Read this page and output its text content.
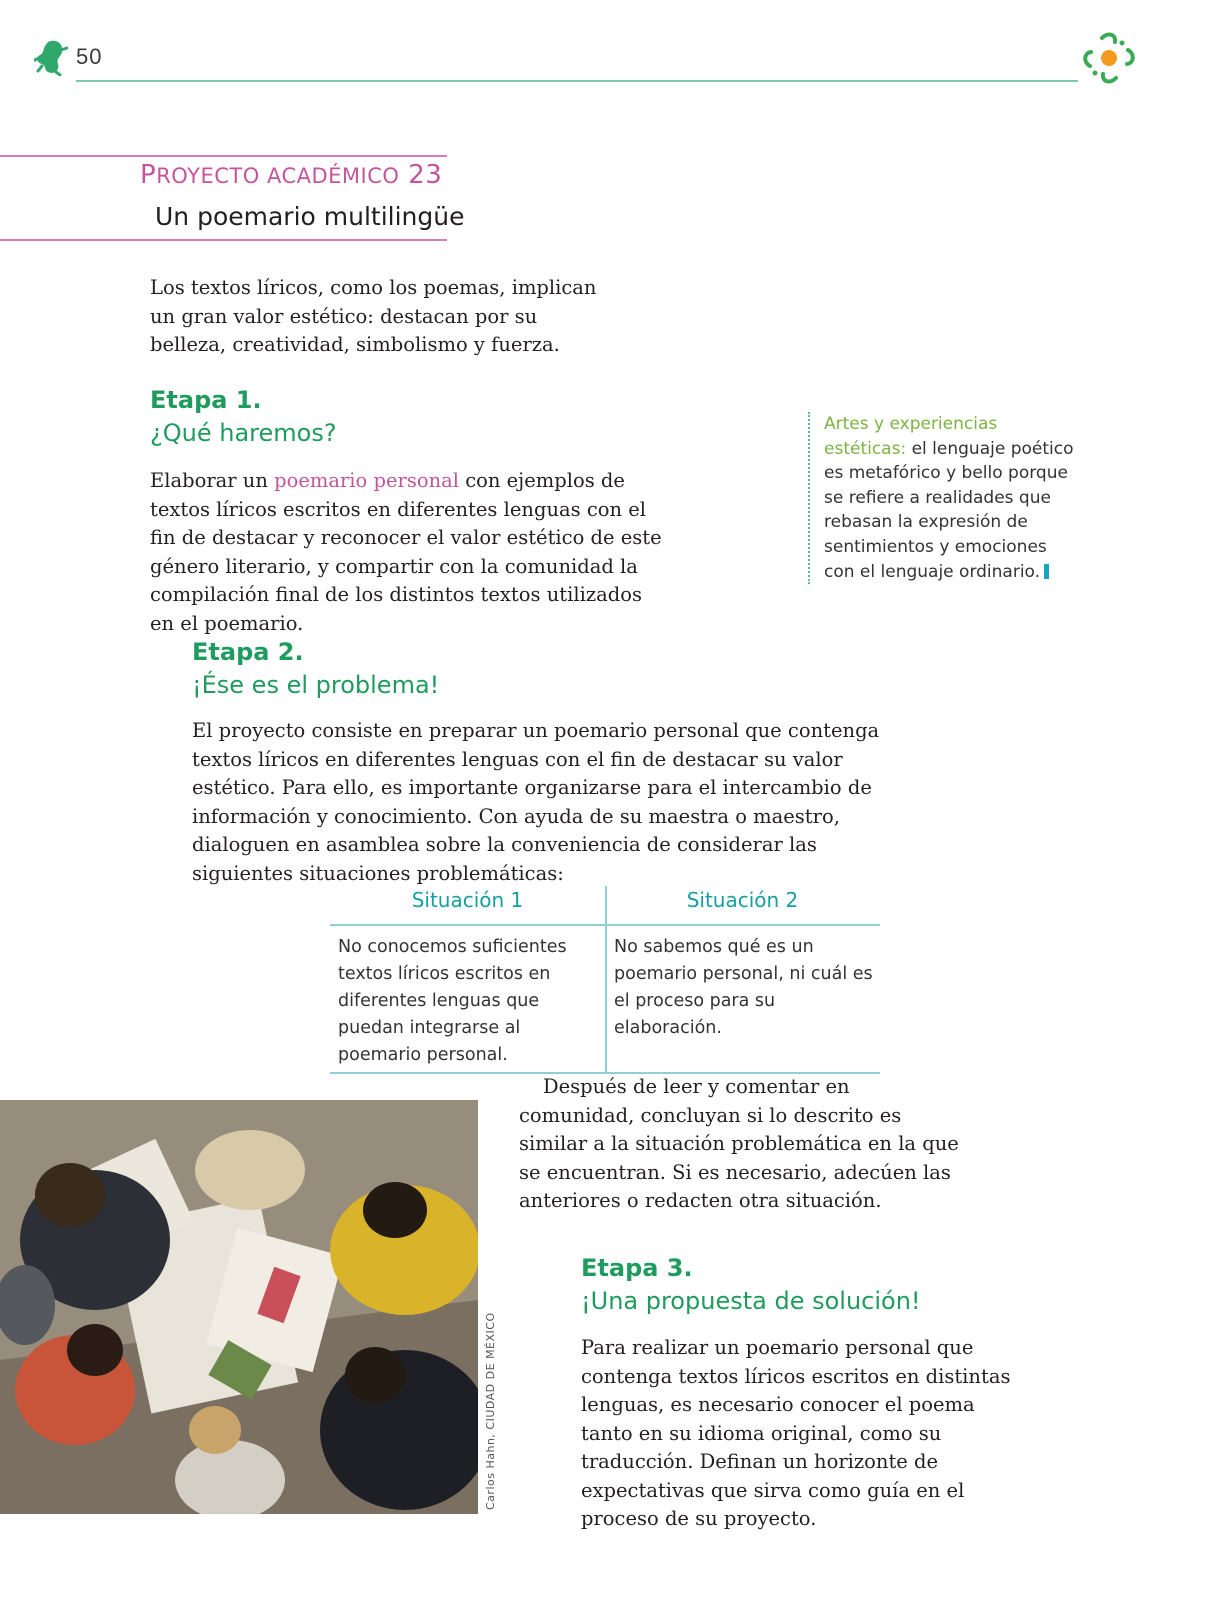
50
PROYECTO ACADÉMICO 23
Un poemario multilingüe

Los textos líricos, como los poemas, implican un gran valor estético: destacan por su belleza, creatividad, simbolismo y fuerza.

Etapa 1.

¿Qué haremos?

Elaborar un poemario personal con ejemplos de textos líricos escritos en diferentes lenguas con el fin de destacar y reconocer el valor estético de este género literario, y compartir con la comunidad la compilación final de los distintos textos utilizados en el poemario.

Artes y experiencias estéticas: el lenguaje poético es metafórico y bello porque se refiere a realidades que rebasan la expresión de sentimientos y emociones con el lenguaje ordinario.

Etapa 2.

¡Ése es el problema!

El proyecto consiste en preparar un poemario personal que contenga textos líricos en diferentes lenguas con el fin de destacar su valor estético. Para ello, es importante organizarse para el intercambio de información y conocimiento. Con ayuda de su maestra o maestro, dialoguen en asamblea sobre la conveniencia de considerar las siguientes situaciones problemáticas:

Situación 1	Situación 2
No conocemos suficientes textos líricos escritos en diferentes lenguas que puedan integrarse al poemario personal.
No sabemos qué es un poemario personal, ni cuál es el proceso para su elaboración.
Carlos Hahn, CIUDAD DE MÉXICO

Después de leer y comentar en comunidad, concluyan si lo descrito es similar a la situación problemática en la que se encuentran. Si es necesario, adecúen las anteriores o redacten otra situación.

Etapa 3.

¡Una propuesta de solución!

Para realizar un poemario personal que contenga textos líricos escritos en distintas lenguas, es necesario conocer el poema tanto en su idioma original, como su traducción. Definan un horizonte de expectativas que sirva como guía en el proceso de su proyecto.
